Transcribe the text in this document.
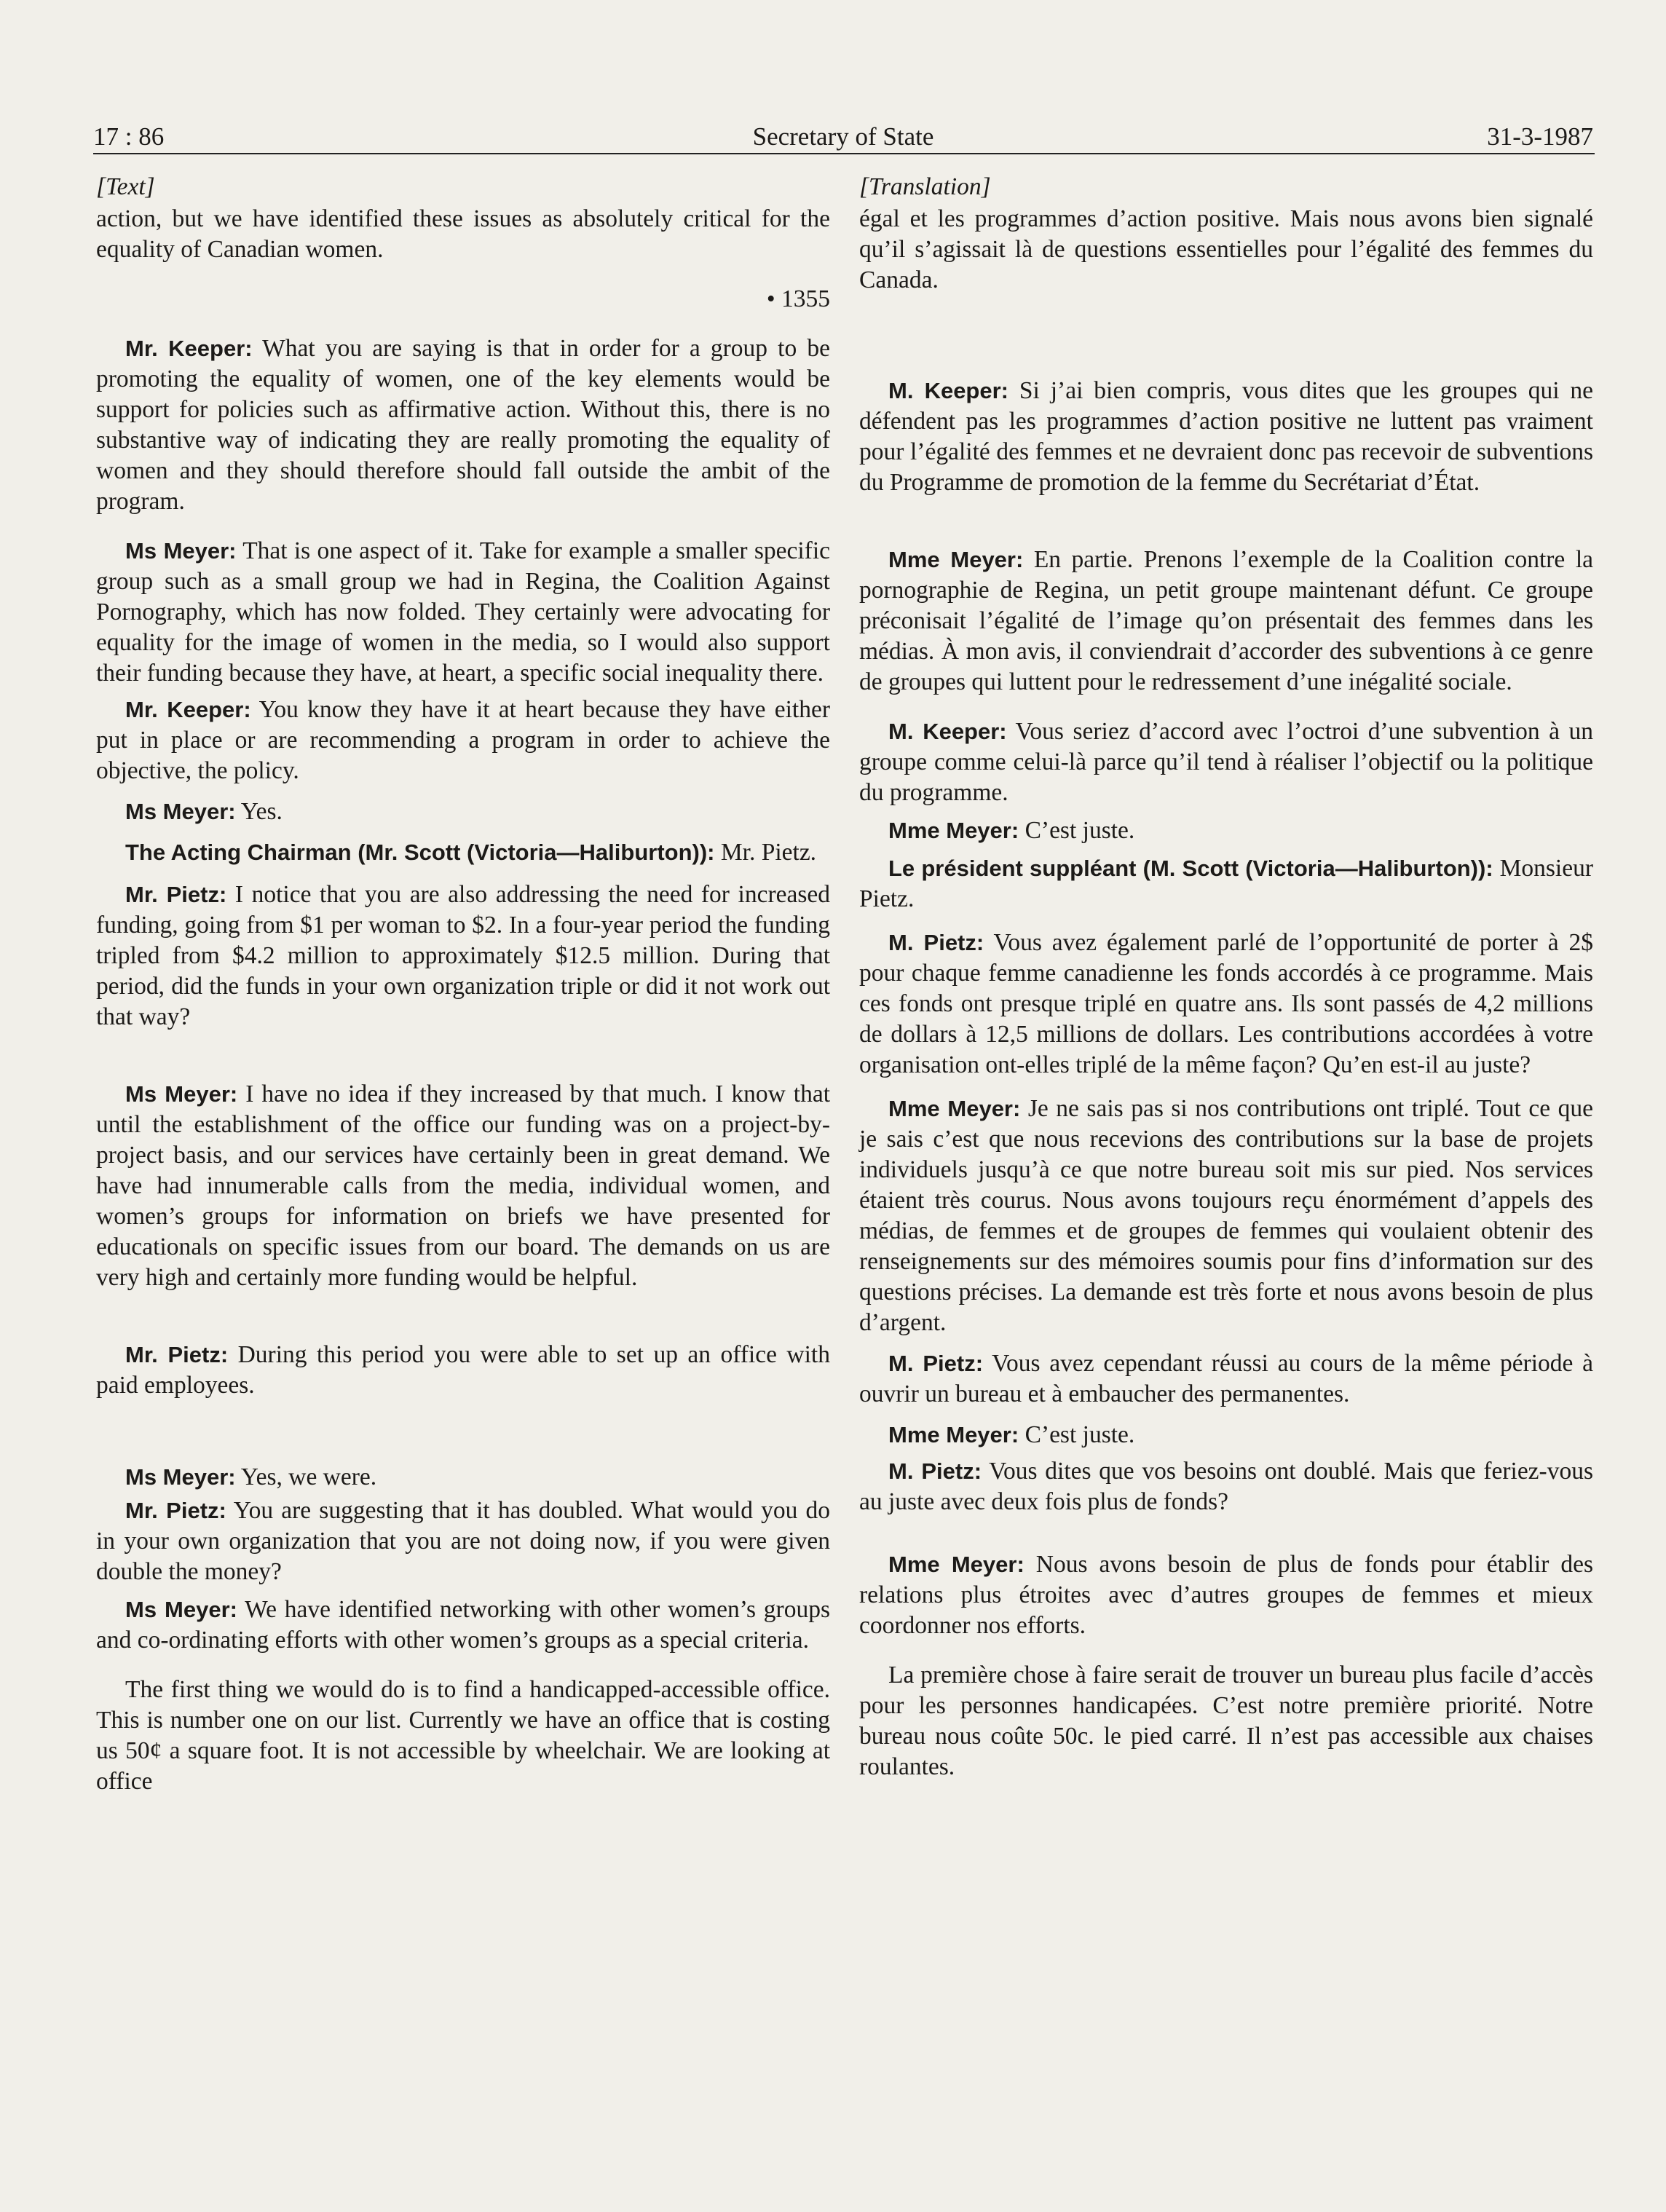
17 : 86	Secretary of State	31-3-1987
[Text]

action, but we have identified these issues as absolutely critical for the equality of Canadian women.

• 1355

Mr. Keeper: What you are saying is that in order for a group to be promoting the equality of women, one of the key elements would be support for policies such as affirmative action. Without this, there is no substantive way of indicating they are really promoting the equality of women and they should therefore should fall outside the ambit of the program.

Ms Meyer: That is one aspect of it. Take for example a smaller specific group such as a small group we had in Regina, the Coalition Against Pornography, which has now folded. They certainly were advocating for equality for the image of women in the media, so I would also support their funding because they have, at heart, a specific social inequality there.

Mr. Keeper: You know they have it at heart because they have either put in place or are recommending a program in order to achieve the objective, the policy.

Ms Meyer: Yes.

The Acting Chairman (Mr. Scott (Victoria—Haliburton)): Mr. Pietz.

Mr. Pietz: I notice that you are also addressing the need for increased funding, going from $1 per woman to $2. In a four-year period the funding tripled from $4.2 million to approximately $12.5 million. During that period, did the funds in your own organization triple or did it not work out that way?

Ms Meyer: I have no idea if they increased by that much. I know that until the establishment of the office our funding was on a project-by-project basis, and our services have certainly been in great demand. We have had innumerable calls from the media, individual women, and women’s groups for information on briefs we have presented for educationals on specific issues from our board. The demands on us are very high and certainly more funding would be helpful.

Mr. Pietz: During this period you were able to set up an office with paid employees.

Ms Meyer: Yes, we were.

Mr. Pietz: You are suggesting that it has doubled. What would you do in your own organization that you are not doing now, if you were given double the money?

Ms Meyer: We have identified networking with other women’s groups and co-ordinating efforts with other women’s groups as a special criteria.

The first thing we would do is to find a handicapped-accessible office. This is number one on our list. Currently we have an office that is costing us 50¢ a square foot. It is not accessible by wheelchair. We are looking at office

[Translation]

égal et les programmes d’action positive. Mais nous avons bien signalé qu’il s’agissait là de questions essentielles pour l’égalité des femmes du Canada.

M. Keeper: Si j’ai bien compris, vous dites que les groupes qui ne défendent pas les programmes d’action positive ne luttent pas vraiment pour l’égalité des femmes et ne devraient donc pas recevoir de subventions du Programme de promotion de la femme du Secrétariat d’État.

Mme Meyer: En partie. Prenons l’exemple de la Coalition contre la pornographie de Regina, un petit groupe maintenant défunt. Ce groupe préconisait l’égalité de l’image qu’on présentait des femmes dans les médias. À mon avis, il conviendrait d’accorder des subventions à ce genre de groupes qui luttent pour le redressement d’une inégalité sociale.

M. Keeper: Vous seriez d’accord avec l’octroi d’une subvention à un groupe comme celui-là parce qu’il tend à réaliser l’objectif ou la politique du programme.

Mme Meyer: C’est juste.

Le président suppléant (M. Scott (Victoria—Haliburton)): Monsieur Pietz.

M. Pietz: Vous avez également parlé de l’opportunité de porter à 2$ pour chaque femme canadienne les fonds accordés à ce programme. Mais ces fonds ont presque triplé en quatre ans. Ils sont passés de 4,2 millions de dollars à 12,5 millions de dollars. Les contributions accordées à votre organisation ont-elles triplé de la même façon? Qu’en est-il au juste?

Mme Meyer: Je ne sais pas si nos contributions ont triplé. Tout ce que je sais c’est que nous recevions des contributions sur la base de projets individuels jusqu’à ce que notre bureau soit mis sur pied. Nos services étaient très courus. Nous avons toujours reçu énormément d’appels des médias, de femmes et de groupes de femmes qui voulaient obtenir des renseignements sur des mémoires soumis pour fins d’information sur des questions précises. La demande est très forte et nous avons besoin de plus d’argent.

M. Pietz: Vous avez cependant réussi au cours de la même période à ouvrir un bureau et à embaucher des permanentes.

Mme Meyer: C’est juste.

M. Pietz: Vous dites que vos besoins ont doublé. Mais que feriez-vous au juste avec deux fois plus de fonds?

Mme Meyer: Nous avons besoin de plus de fonds pour établir des relations plus étroites avec d’autres groupes de femmes et mieux coordonner nos efforts.

La première chose à faire serait de trouver un bureau plus facile d’accès pour les personnes handicapées. C’est notre première priorité. Notre bureau nous coûte 50c. le pied carré. Il n’est pas accessible aux chaises roulantes.
